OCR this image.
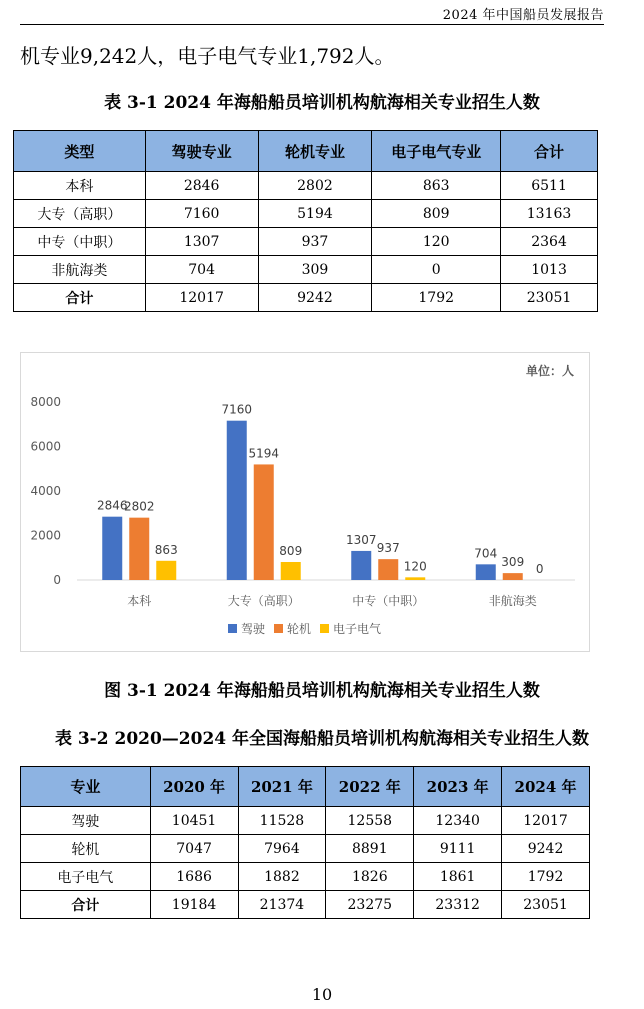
2024 年中国船员发展报告
机专业9,242人，电子电气专业1,792人。
表 3-1 2024 年海船船员培训机构航海相关专业招生人数
类型	驾驶专业	轮机专业	电子电气专业	合计
本科	2846	2802	863	6511
大专（高职）	7160	5194	809	13163
中专（中职）	1307	937	120	2364
非航海类	704	309	0	1013
合计	12017	9242	1792	23051
单位：人
0
2000
4000
6000
8000
2846
2802
863
本科
7160
5194
809
大专（高职）
1307
937
120
中专（中职）
704
309 0
非航海类
驾驶 轮机 电子电气
图 3-1 2024 年海船船员培训机构航海相关专业招生人数
表 3-2 2020—2024 年全国海船船员培训机构航海相关专业招生人数
专业	2020 年	2021 年	2022 年	2023 年	2024 年
驾驶	10451	11528	12558	12340	12017
轮机	7047	7964	8891	9111	9242
电子电气	1686	1882	1826	1861	1792
合计	19184	21374	23275	23312	23051
10
